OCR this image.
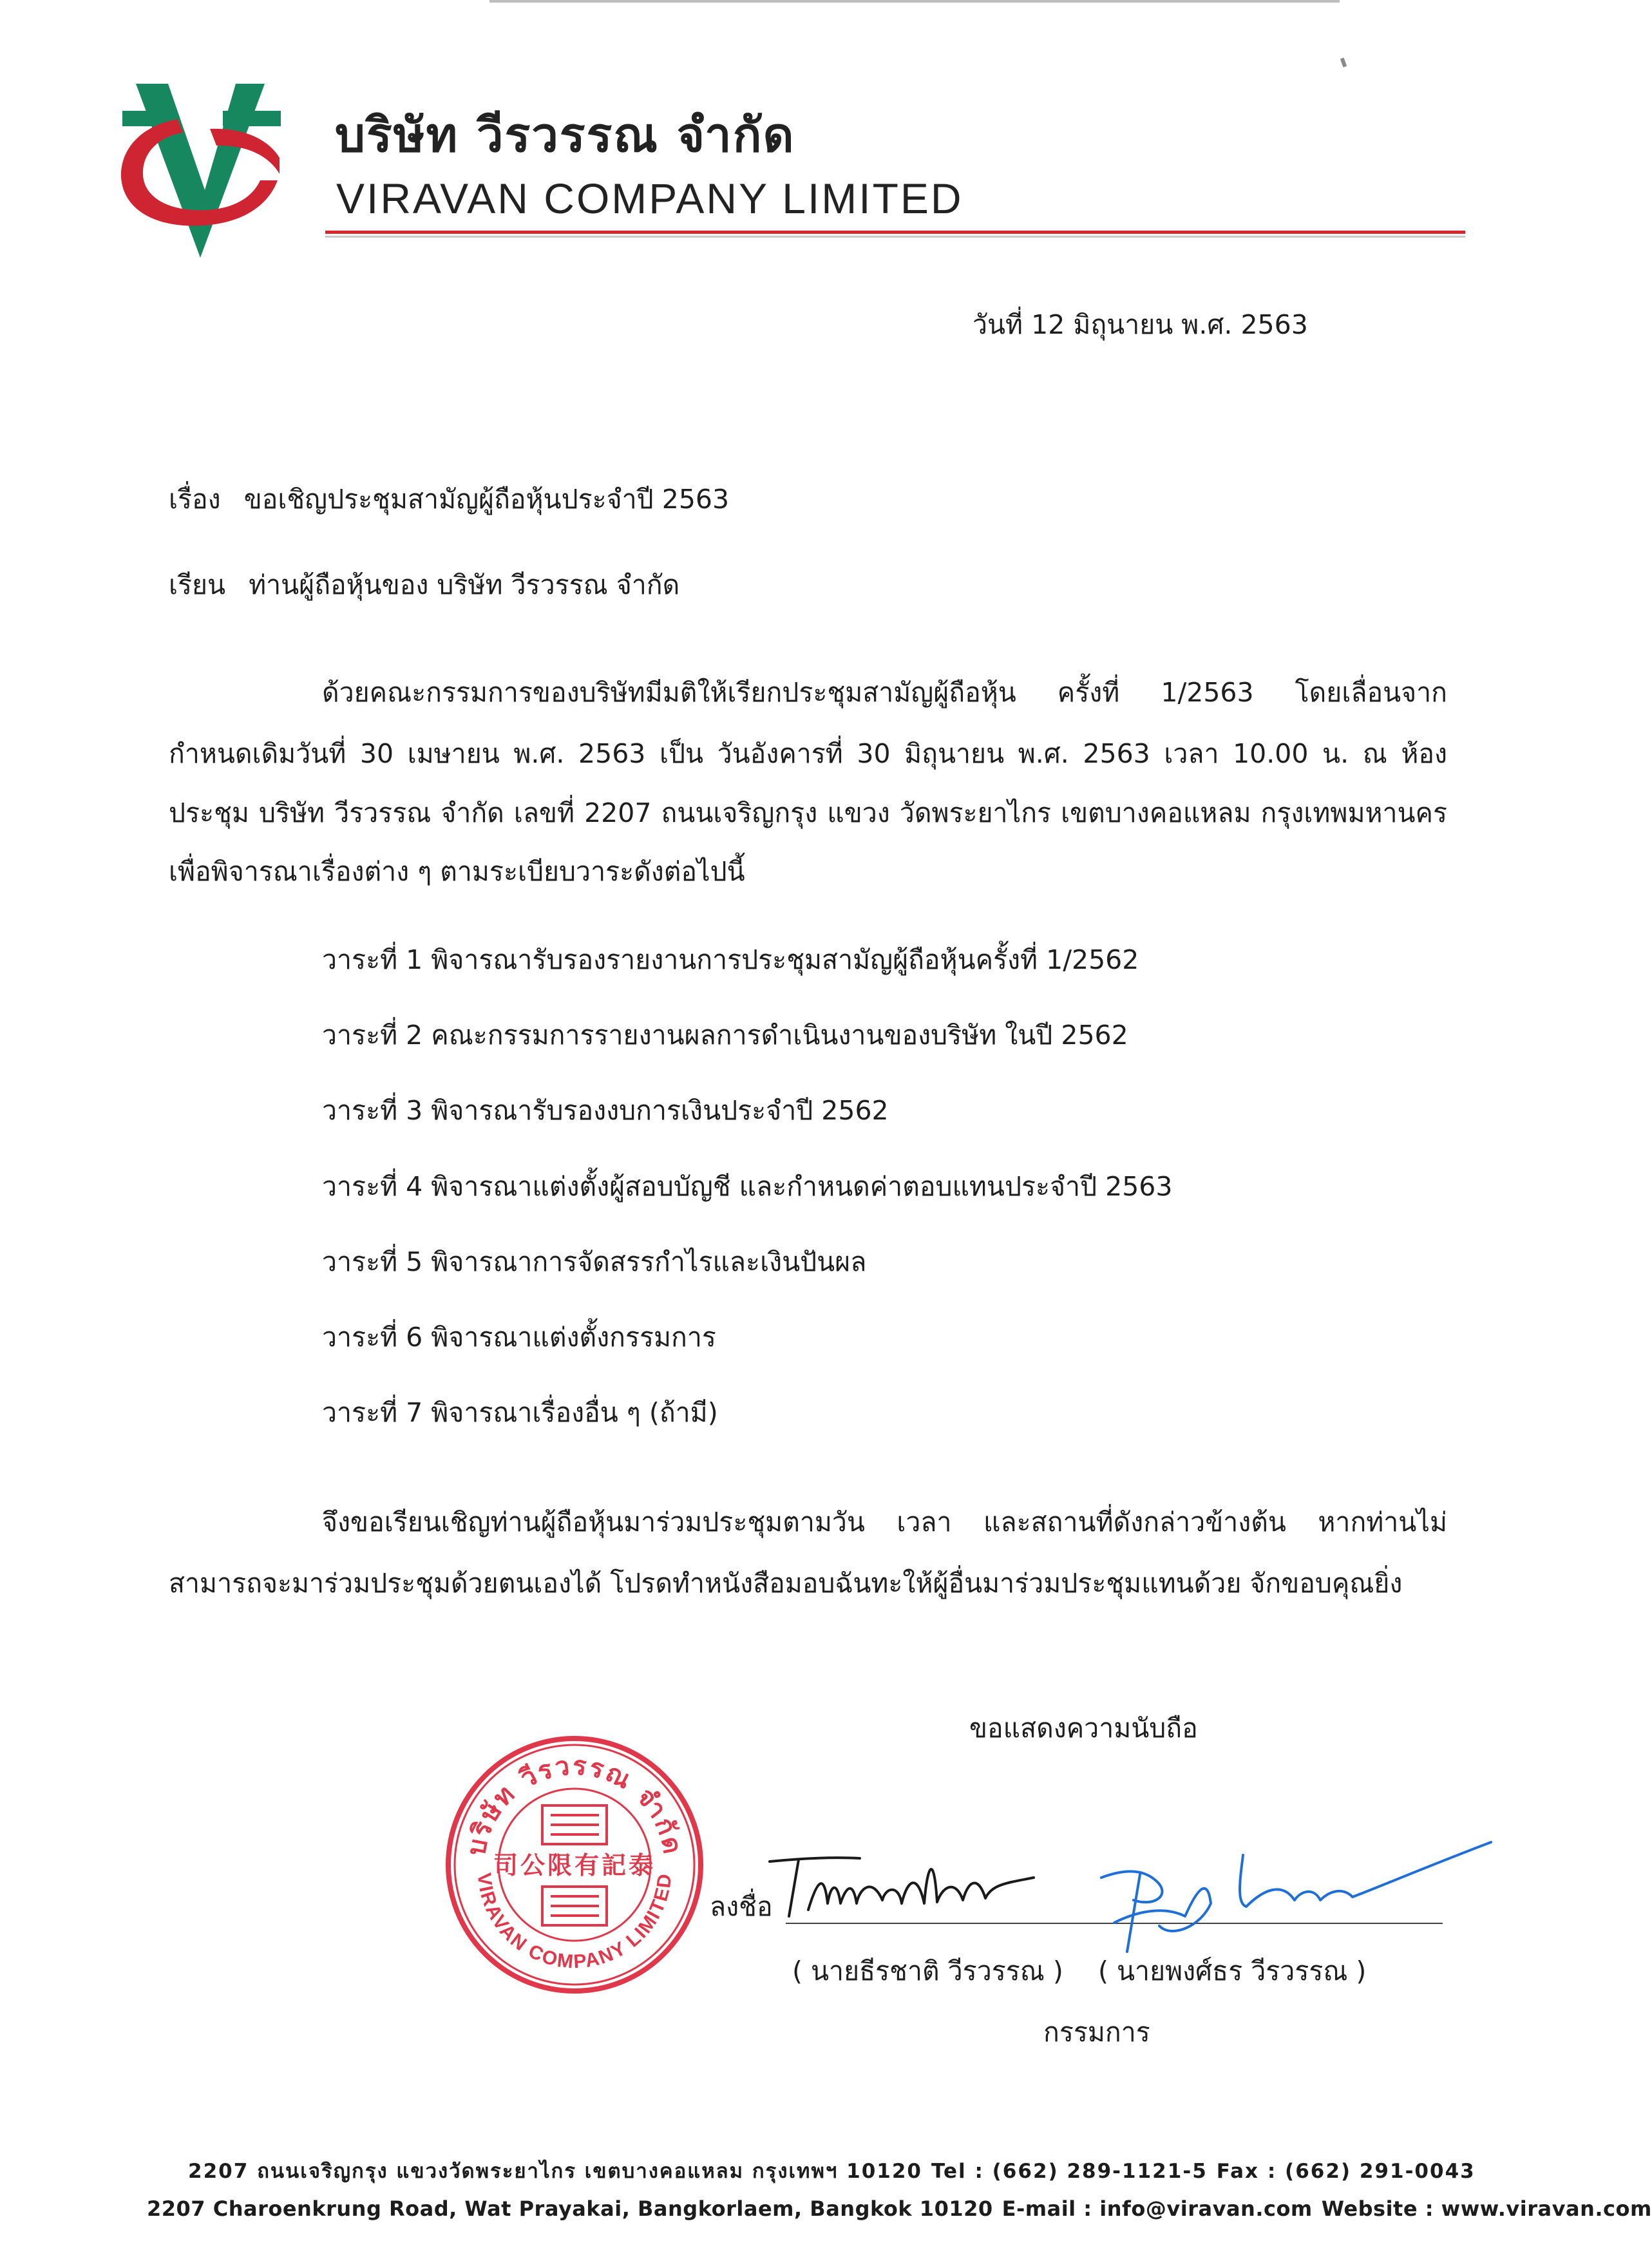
บริษัท วีรวรรณ จำกัด
VIRAVAN COMPANY LIMITED
วันที่ 12 มิถุนายน พ.ศ. 2563
เรื่อง ขอเชิญประชุมสามัญผู้ถือหุ้นประจำปี 2563
เรียน ท่านผู้ถือหุ้นของ บริษัท วีรวรรณ จำกัด
ด้วยคณะกรรมการของบริษัทมีมติให้เรียกประชุมสามัญผู้ถือหุ้น ครั้งที่ 1/2563 โดยเลื่อนจาก
กำหนดเดิมวันที่ 30 เมษายน พ.ศ. 2563 เป็น วันอังคารที่ 30 มิถุนายน พ.ศ. 2563 เวลา 10.00 น. ณ ห้อง
ประชุม บริษัท วีรวรรณ จำกัด เลขที่ 2207 ถนนเจริญกรุง แขวง วัดพระยาไกร เขตบางคอแหลม กรุงเทพมหานคร
เพื่อพิจารณาเรื่องต่าง ๆ ตามระเบียบวาระดังต่อไปนี้
วาระที่ 1 พิจารณารับรองรายงานการประชุมสามัญผู้ถือหุ้นครั้งที่ 1/2562
วาระที่ 2 คณะกรรมการรายงานผลการดำเนินงานของบริษัท ในปี 2562
วาระที่ 3 พิจารณารับรองงบการเงินประจำปี 2562
วาระที่ 4 พิจารณาแต่งตั้งผู้สอบบัญชี และกำหนดค่าตอบแทนประจำปี 2563
วาระที่ 5 พิจารณาการจัดสรรกำไรและเงินปันผล
วาระที่ 6 พิจารณาแต่งตั้งกรรมการ
วาระที่ 7 พิจารณาเรื่องอื่น ๆ (ถ้ามี)
จึงขอเรียนเชิญท่านผู้ถือหุ้นมาร่วมประชุมตามวัน เวลา และสถานที่ดังกล่าวข้างต้น หากท่านไม่
สามารถจะมาร่วมประชุมด้วยตนเองได้ โปรดทำหนังสือมอบฉันทะให้ผู้อื่นมาร่วมประชุมแทนด้วย จักขอบคุณยิ่ง
ขอแสดงความนับถือ
บริษัท วีรวรรณ จำกัด
VIRAVAN COMPANY LIMITED
司公限有記泰
ลงชื่อ
( นายธีรชาติ วีรวรรณ ) ( นายพงศ์ธร วีรวรรณ )
กรรมการ
2207 ถนนเจริญกรุง แขวงวัดพระยาไกร เขตบางคอแหลม กรุงเทพฯ 10120 Tel : (662) 289-1121-5 Fax : (662) 291-0043
2207 Charoenkrung Road, Wat Prayakai, Bangkorlaem, Bangkok 10120 E-mail : info@viravan.com Website : www.viravan.com
